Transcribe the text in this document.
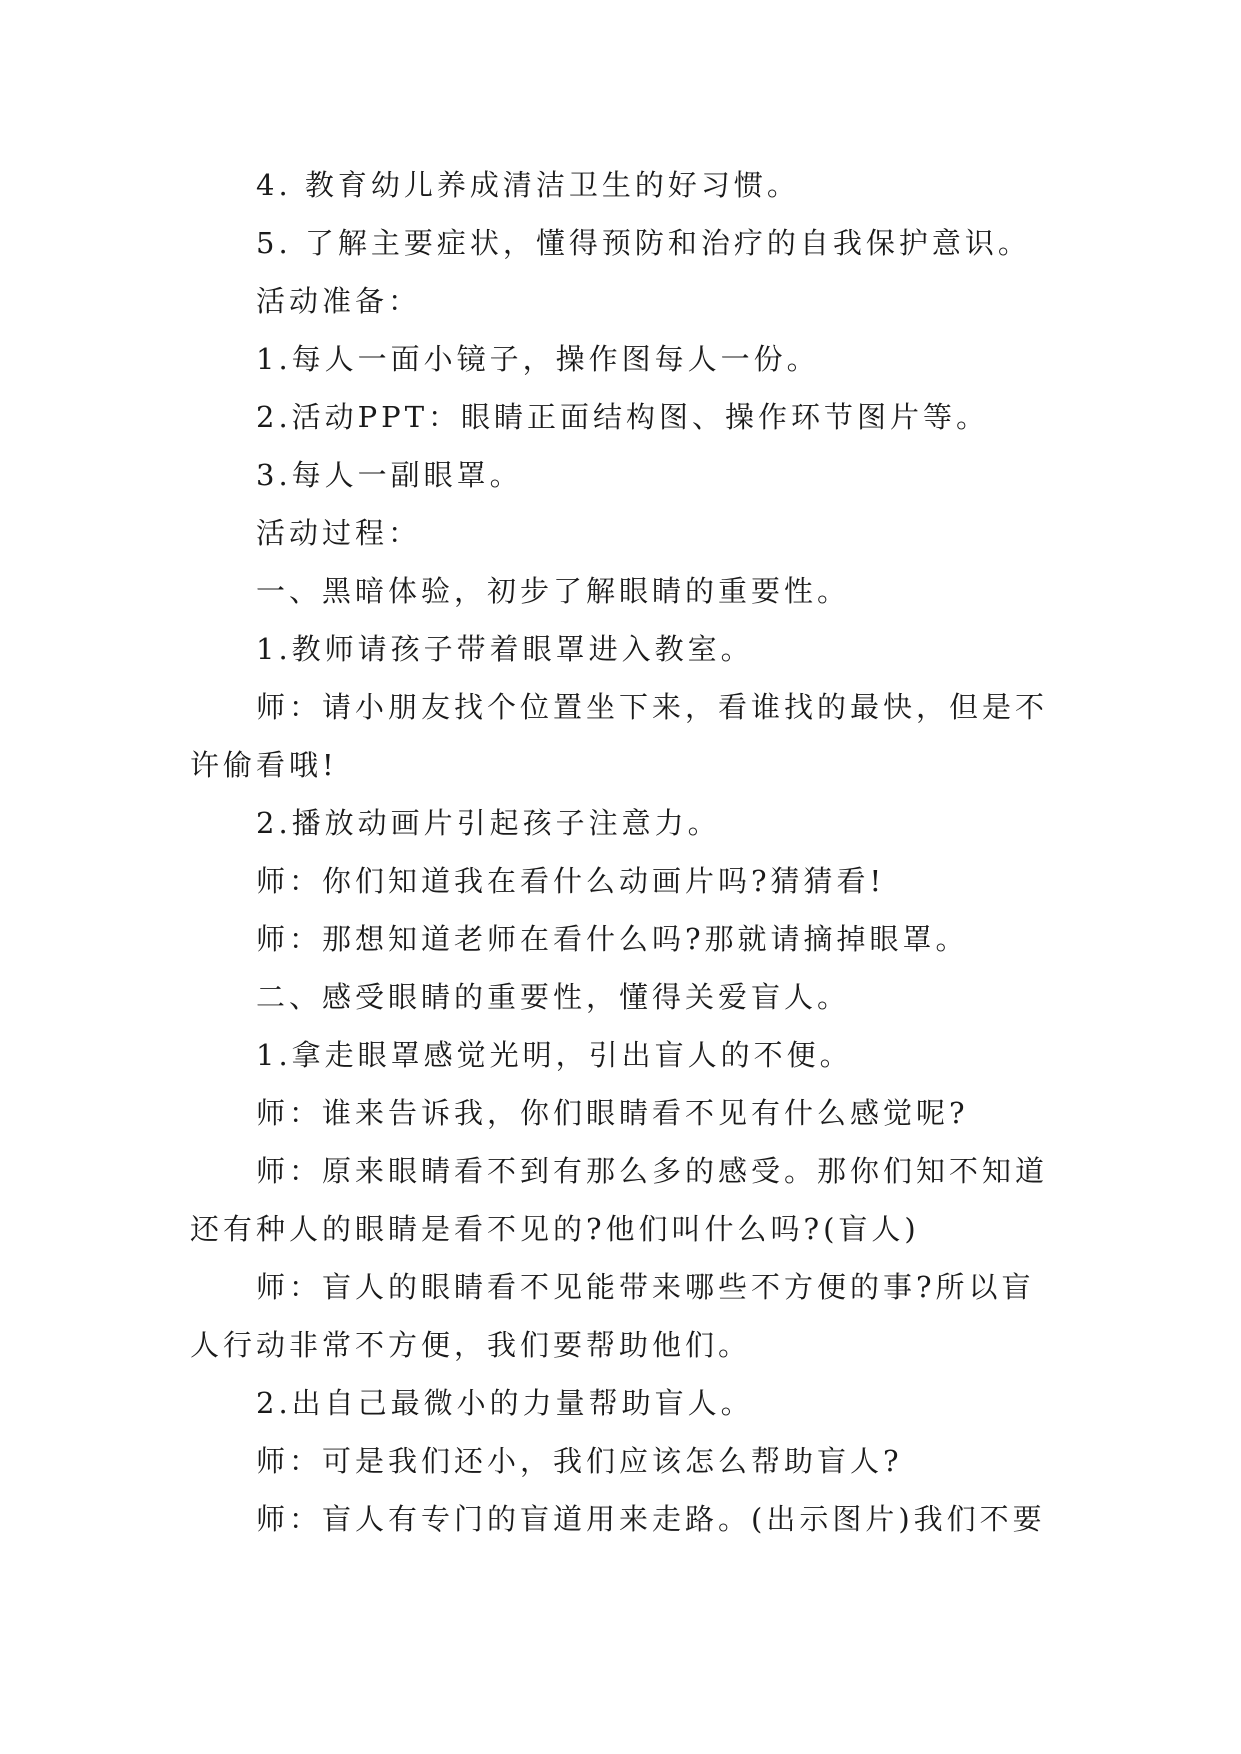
4. 教育幼儿养成清洁卫生的好习惯。
5. 了解主要症状，懂得预防和治疗的自我保护意识。
活动准备：
1.每人一面小镜子，操作图每人一份。
2.活动PPT：眼睛正面结构图、操作环节图片等。
3.每人一副眼罩。
活动过程：
一、黑暗体验，初步了解眼睛的重要性。
1.教师请孩子带着眼罩进入教室。
师：请小朋友找个位置坐下来，看谁找的最快，但是不
许偷看哦!
2.播放动画片引起孩子注意力。
师：你们知道我在看什么动画片吗?猜猜看!
师：那想知道老师在看什么吗?那就请摘掉眼罩。
二、感受眼睛的重要性，懂得关爱盲人。
1.拿走眼罩感觉光明，引出盲人的不便。
师：谁来告诉我，你们眼睛看不见有什么感觉呢?
师：原来眼睛看不到有那么多的感受。那你们知不知道
还有种人的眼睛是看不见的?他们叫什么吗?(盲人)
师：盲人的眼睛看不见能带来哪些不方便的事?所以盲
人行动非常不方便，我们要帮助他们。
2.出自己最微小的力量帮助盲人。
师：可是我们还小，我们应该怎么帮助盲人?
师：盲人有专门的盲道用来走路。(出示图片)我们不要
